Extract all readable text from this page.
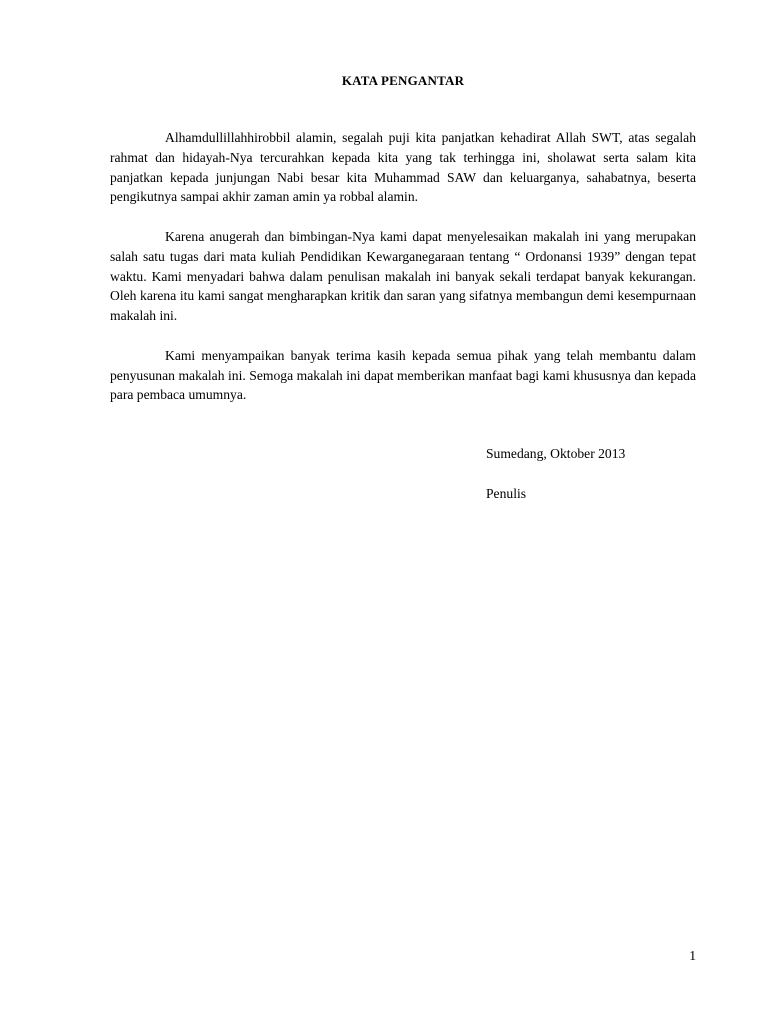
KATA PENGANTAR

Alhamdullillahhirobbil alamin, segalah puji kita panjatkan kehadirat Allah SWT, atas segalah rahmat dan hidayah-Nya tercurahkan kepada kita yang tak terhingga ini, sholawat serta salam kita panjatkan kepada junjungan Nabi besar kita Muhammad SAW dan keluarganya, sahabatnya, beserta pengikutnya sampai akhir zaman amin ya robbal alamin.

Karena anugerah dan bimbingan-Nya kami dapat menyelesaikan makalah ini yang merupakan salah satu tugas dari mata kuliah Pendidikan Kewarganegaraan tentang “ Ordonansi 1939” dengan tepat waktu. Kami menyadari bahwa dalam penulisan makalah ini banyak sekali terdapat banyak kekurangan. Oleh karena itu kami sangat mengharapkan kritik dan saran yang sifatnya membangun demi kesempurnaan makalah ini.

Kami menyampaikan banyak terima kasih kepada semua pihak yang telah membantu dalam penyusunan makalah ini. Semoga makalah ini dapat memberikan manfaat bagi kami khususnya dan kepada para pembaca umumnya.

Sumedang, Oktober 2013
Penulis
1
